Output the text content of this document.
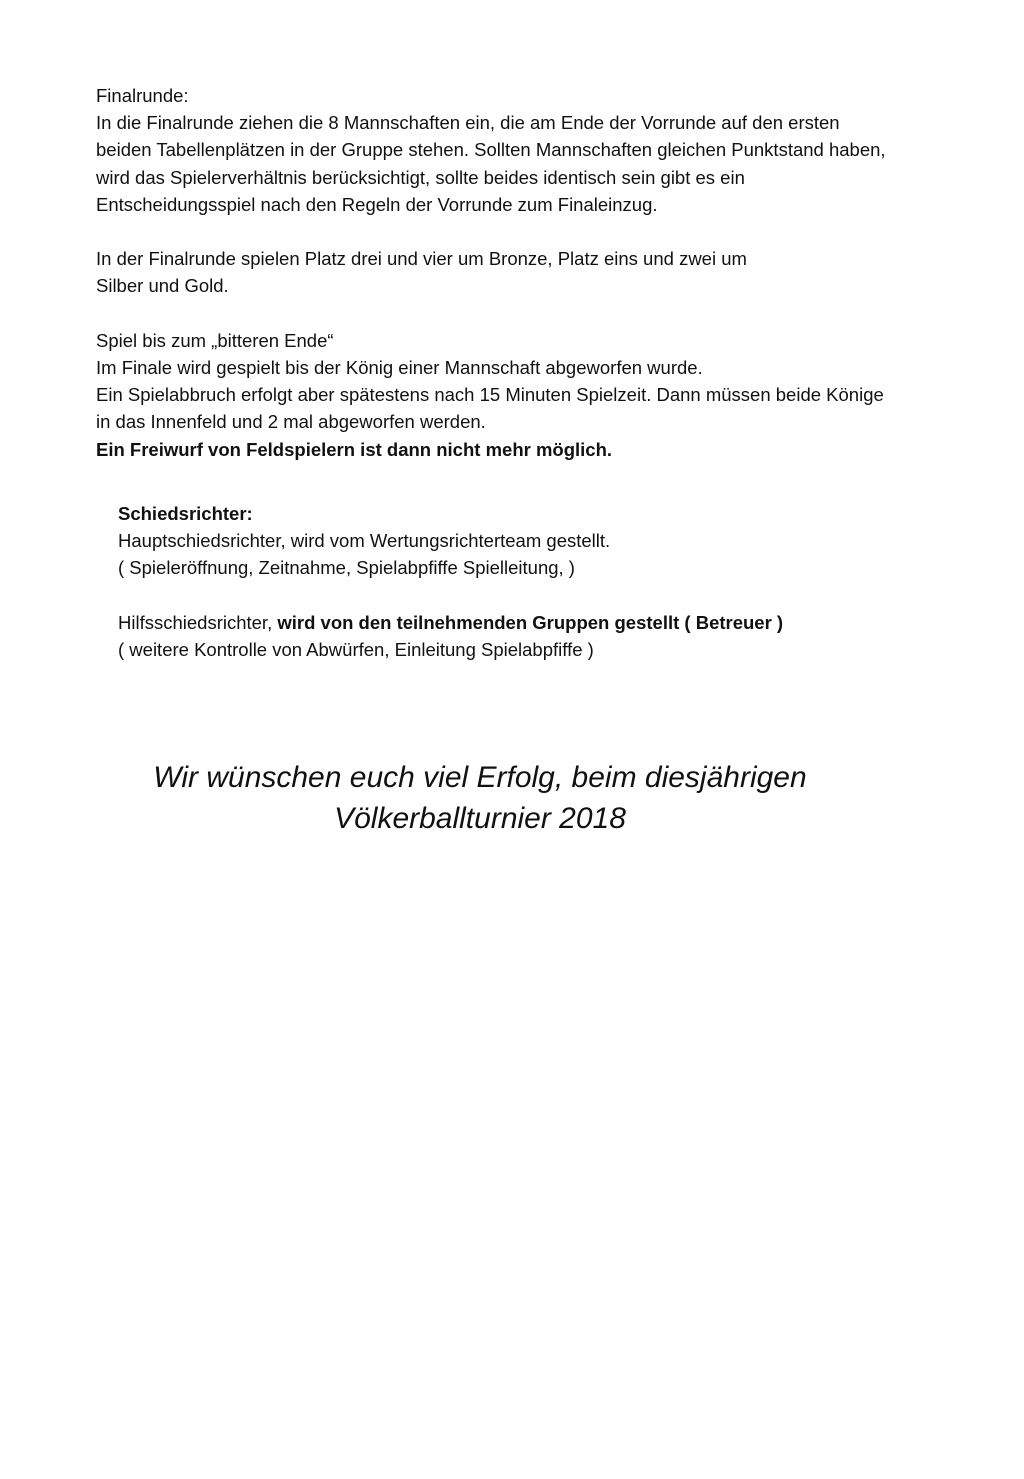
Finalrunde:
In die Finalrunde ziehen die 8 Mannschaften ein, die am Ende der Vorrunde auf den ersten
beiden Tabellenplätzen in der Gruppe stehen. Sollten Mannschaften gleichen Punktstand haben,
wird das Spielerverhältnis berücksichtigt, sollte beides identisch sein gibt es ein
Entscheidungsspiel nach den Regeln der Vorrunde zum Finaleinzug.
In der Finalrunde spielen Platz drei und vier um Bronze, Platz eins und zwei um
Silber und Gold.
Spiel bis zum „bitteren Ende“
Im Finale wird gespielt bis der König einer Mannschaft abgeworfen wurde.
Ein Spielabbruch erfolgt aber spätestens nach 15 Minuten Spielzeit. Dann müssen beide Könige
in das Innenfeld und 2 mal abgeworfen werden.
Ein Freiwurf von Feldspielern ist dann nicht mehr möglich.
Schiedsrichter:
Hauptschiedsrichter, wird vom Wertungsrichterteam gestellt.
( Spieleröffnung, Zeitnahme, Spielabpfiffe Spielleitung, )
Hilfsschiedsrichter, wird von den teilnehmenden Gruppen gestellt ( Betreuer )
( weitere Kontrolle von Abwürfen, Einleitung Spielabpfiffe )
Wir wünschen euch viel Erfolg, beim diesjährigen
Völkerballturnier 2018
